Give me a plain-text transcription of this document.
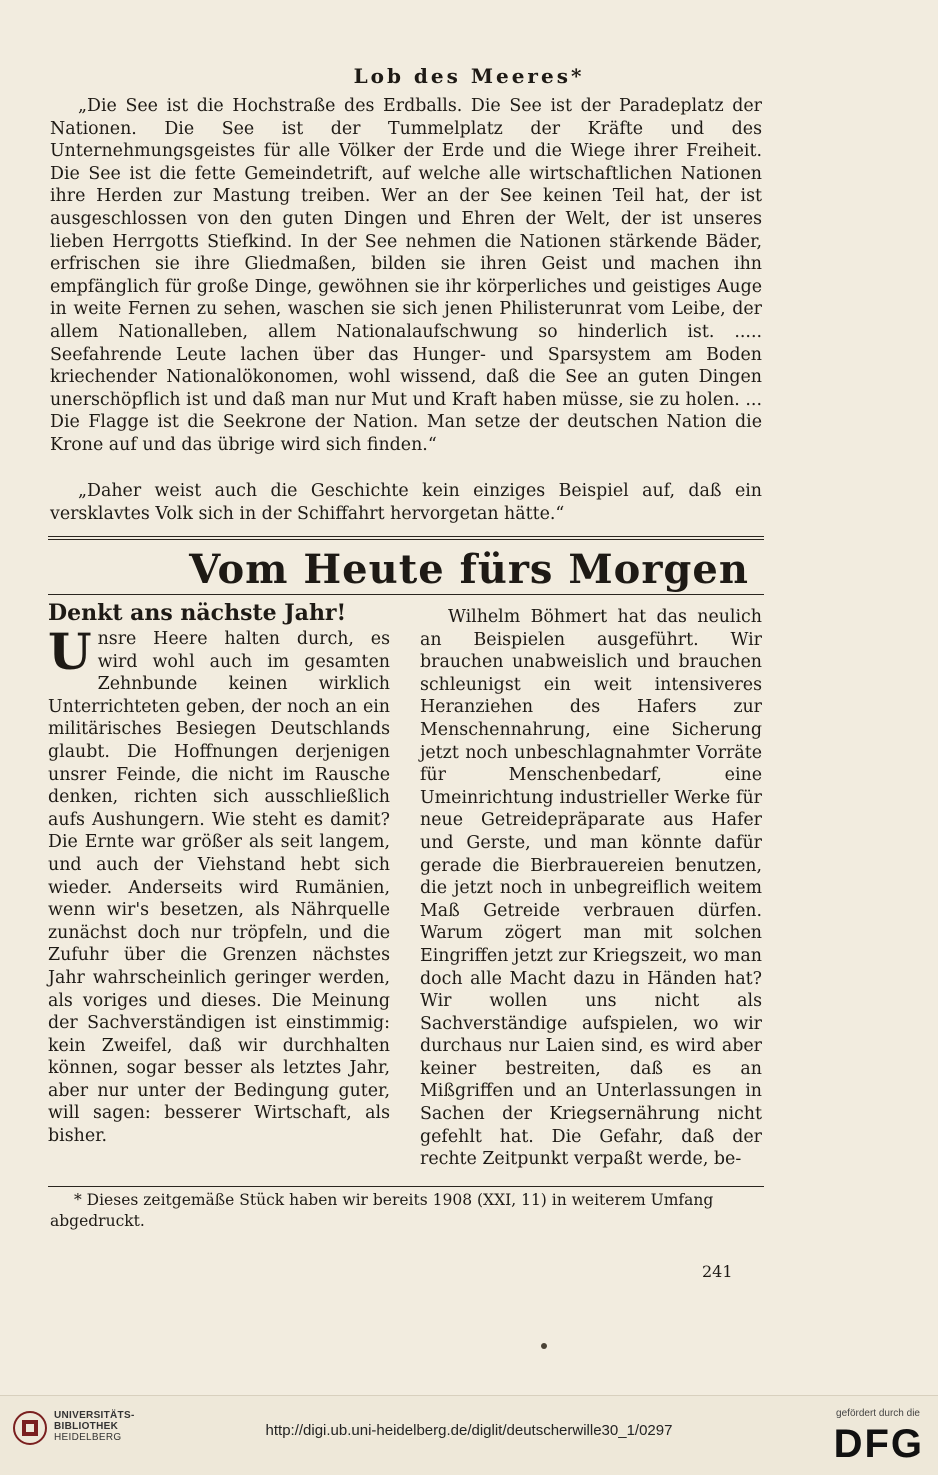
Lob des Meeres*

„Die See ist die Hochstraße des Erdballs. Die See ist der Paradeplatz der Nationen. Die See ist der Tummelplatz der Kräfte und des Unternehmungsgeistes für alle Völker der Erde und die Wiege ihrer Freiheit. Die See ist die fette Gemeindetrift, auf welche alle wirtschaftlichen Nationen ihre Herden zur Mastung treiben. Wer an der See keinen Teil hat, der ist ausgeschlossen von den guten Dingen und Ehren der Welt, der ist unseres lieben Herrgotts Stiefkind. In der See nehmen die Nationen stärkende Bäder, erfrischen sie ihre Gliedmaßen, bilden sie ihren Geist und machen ihn empfänglich für große Dinge, gewöhnen sie ihr körperliches und geistiges Auge in weite Fernen zu sehen, waschen sie sich jenen Philisterunrat vom Leibe, der allem Nationalleben, allem Nationalaufschwung so hinderlich ist. ..... Seefahrende Leute lachen über das Hunger- und Sparsystem am Boden kriechender Nationalökonomen, wohl wissend, daß die See an guten Dingen unerschöpflich ist und daß man nur Mut und Kraft haben müsse, sie zu holen. ... Die Flagge ist die Seekrone der Nation. Man setze der deutschen Nation die Krone auf und das übrige wird sich finden.“

„Daher weist auch die Geschichte kein einziges Beispiel auf, daß ein versklavtes Volk sich in der Schiffahrt hervorgetan hätte.“

Vom Heute fürs Morgen

Denkt ans nächste Jahr!

Unsre Heere halten durch, es wird wohl auch im gesamten Zehnbunde keinen wirklich Unterrichteten geben, der noch an ein militärisches Besiegen Deutschlands glaubt. Die Hoffnungen derjenigen unsrer Feinde, die nicht im Rausche denken, richten sich ausschließlich aufs Aushungern. Wie steht es damit? Die Ernte war größer als seit langem, und auch der Viehstand hebt sich wieder. Anderseits wird Rumänien, wenn wir's besetzen, als Nährquelle zunächst doch nur tröpfeln, und die Zufuhr über die Grenzen nächstes Jahr wahrscheinlich geringer werden, als voriges und dieses. Die Meinung der Sachverständigen ist einstimmig: kein Zweifel, daß wir durchhalten können, sogar besser als letztes Jahr, aber nur unter der Bedingung guter, will sagen: besserer Wirtschaft, als bisher.

Wilhelm Böhmert hat das neulich an Beispielen ausgeführt. Wir brauchen unabweislich und brauchen schleunigst ein weit intensiveres Heranziehen des Hafers zur Menschennahrung, eine Sicherung jetzt noch unbeschlagnahmter Vorräte für Menschenbedarf, eine Umeinrichtung industrieller Werke für neue Getreidepräparate aus Hafer und Gerste, und man könnte dafür gerade die Bierbrauereien benutzen, die jetzt noch in unbegreiflich weitem Maß Getreide verbrauen dürfen. Warum zögert man mit solchen Eingriffen jetzt zur Kriegszeit, wo man doch alle Macht dazu in Händen hat? Wir wollen uns nicht als Sachverständige aufspielen, wo wir durchaus nur Laien sind, es wird aber keiner bestreiten, daß es an Mißgriffen und an Unterlassungen in Sachen der Kriegsernährung nicht gefehlt hat. Die Gefahr, daß der rechte Zeitpunkt verpaßt werde, be-

* Dieses zeitgemäße Stück haben wir bereits 1908 (XXI, 11) in weiterem Umfang abgedruckt.

241
UNIVERSITÄTS-
BIBLIOTHEK
HEIDELBERG	http://digi.ub.uni-heidelberg.de/diglit/deutscherwille30_1/0297
gefördert durch die
DFG
